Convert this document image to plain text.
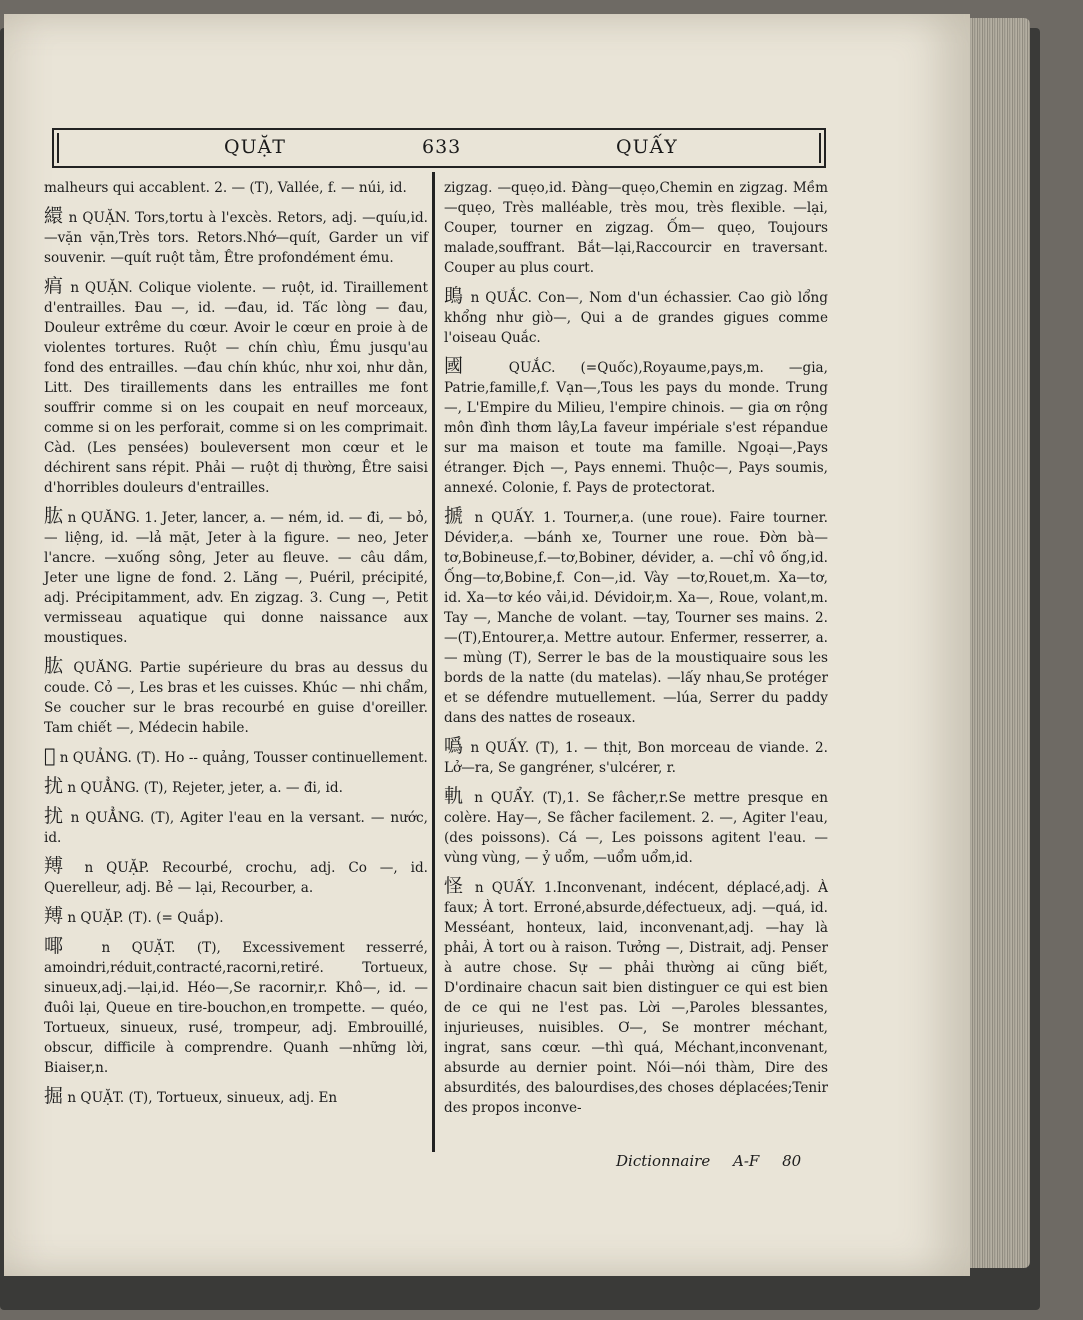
QUẶT	633	QUẤY
malheurs qui accablent. 2. — (T), Vallée, f. — núi, id.
繯 n QUẶN. Tors,tortu à l'excès. Retors, adj. —quíu,id. —vặn vặn,Très tors. Retors.Nhớ—quít, Garder un vif souvenir. —quít ruột tằm, Être profondément ému.
㾓 n QUẶN. Colique violente. — ruột, id. Tiraillement d'entrailles. Đau —, id. —đau, id. Tấc lòng — đau, Douleur extrême du cœur. Avoir le cœur en proie à de violentes tortures. Ruột — chín chìu, Ému jusqu'au fond des entrailles. —đau chín khúc, như xoi, như dằn, Litt. Des tiraillements dans les entrailles me font souffrir comme si on les coupait en neuf morceaux, comme si on les perforait, comme si on les comprimait. Càd. (Les pensées) bouleversent mon cœur et le déchirent sans répit. Phải — ruột dị thường, Être saisi d'horribles douleurs d'entrailles.
肱 n QUĂNG. 1. Jeter, lancer, a. — ném, id. — đi, — bỏ, — liệng, id. —lả mặt, Jeter à la figure. — neo, Jeter l'ancre. —xuống sông, Jeter au fleuve. — câu dầm, Jeter une ligne de fond. 2. Lăng —, Puéril, précipité, adj. Précipitamment, adv. En zigzag. 3. Cung —, Petit vermisseau aquatique qui donne naissance aux moustiques.
肱 QUĂNG. Partie supérieure du bras au dessus du coude. Cỏ —, Les bras et les cuisses. Khúc — nhi chẩm, Se coucher sur le bras recourbé en guise d'oreiller. Tam chiết —, Médecin habile.
𠿯 n QUẢNG. (T). Ho -- quảng, Tousser continuellement.
扰 n QUẲNG. (T), Rejeter, jeter, a. — đi, id.
扰 n QUẲNG. (T), Agiter l'eau en la versant. — nước, id.
䍸 n QUẶP. Recourbé, crochu, adj. Co —, id. Querelleur, adj. Bẻ — lại, Recourber, a.
䍸 n QUẶP. (T). (= Quắp).
㖿 n QUẶT. (T), Excessivement resserré, amoindri,réduit,contracté,racorni,retiré. Tortueux, sinueux,adj.—lại,id. Héo—,Se racornir,r. Khô—, id. —đuôi lại, Queue en tire-bouchon,en trompette. — quéo, Tortueux, sinueux, rusé, trompeur, adj. Embrouillé, obscur, difficile à comprendre. Quanh —những lời, Biaiser,n.
掘 n QUẶT. (T), Tortueux, sinueux, adj. En
zigzag. —quẹo,id. Đàng—quẹo,Chemin en zigzag. Mềm—quẹo, Très malléable, très mou, très flexible. —lại, Couper, tourner en zigzag. Ốm— quẹo, Toujours malade,souffrant. Bắt—lại,Raccourcir en traversant. Couper au plus court.
鴡 n QUẮC. Con—, Nom d'un échassier. Cao giò lổng khổng như giò—, Qui a de grandes gigues comme l'oiseau Quắc.
國 QUẮC. (=Quốc),Royaume,pays,m. —gia, Patrie,famille,f. Vạn—,Tous les pays du monde. Trung—, L'Empire du Milieu, l'empire chinois. — gia ơn rộng môn đình thơm lây,La faveur impériale s'est répandue sur ma maison et toute ma famille. Ngoại—,Pays étranger. Địch —, Pays ennemi. Thuộc—, Pays soumis, annexé. Colonie, f. Pays de protectorat.
搋 n QUẤY. 1. Tourner,a. (une roue). Faire tourner. Dévider,a. —bánh xe, Tourner une roue. Đờn bà—tơ,Bobineuse,f.—tơ,Bobiner, dévider, a. —chỉ vô ống,id. Ống—tơ,Bobine,f. Con—,id. Vày —tơ,Rouet,m. Xa—tơ, id. Xa—tơ kéo vải,id. Dévidoir,m. Xa—, Roue, volant,m. Tay —, Manche de volant. —tay, Tourner ses mains. 2. —(T),Entourer,a. Mettre autour. Enfermer, resserrer, a. — mùng (T), Serrer le bas de la moustiquaire sous les bords de la natte (du matelas). —lấy nhau,Se protéger et se défendre mutuellement. —lúa, Serrer du paddy dans des nattes de roseaux.
噅 n QUẤY. (T), 1. — thịt, Bon morceau de viande. 2. Lở—ra, Se gangréner, s'ulcérer, r.
軌 n QUẨY. (T),1. Se fâcher,r.Se mettre presque en colère. Hay—, Se fâcher facilement. 2. —, Agiter l'eau,(des poissons). Cá —, Les poissons agitent l'eau. —vùng vùng, — ỷ uổm, —uổm uổm,id.
怪 n QUẤY. 1.Inconvenant, indécent, déplacé,adj. À faux; À tort. Erroné,absurde,défectueux, adj. —quá, id. Messéant, honteux, laid, inconvenant,adj. —hay là phải, À tort ou à raison. Tưởng —, Distrait, adj. Penser à autre chose. Sự — phải thường ai cũng biết, D'ordinaire chacun sait bien distinguer ce qui est bien de ce qui ne l'est pas. Lời —,Paroles blessantes, injurieuses, nuisibles. Ơ—, Se montrer méchant, ingrat, sans cœur. —thì quá, Méchant,inconvenant, absurde au dernier point. Nói—nói thàm, Dire des absurdités, des balourdises,des choses déplacées;Tenir des propos inconve-
Dictionnaire A-F 80
